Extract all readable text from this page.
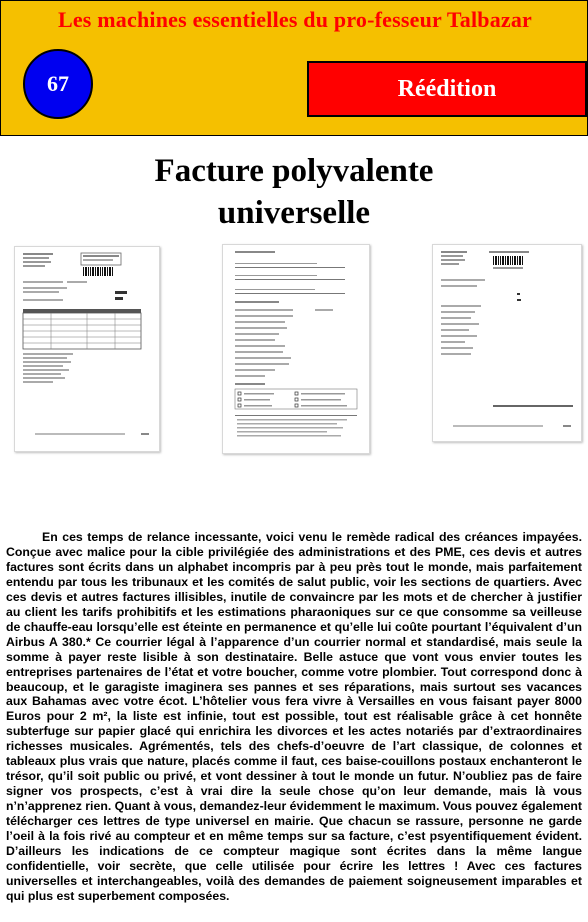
Les machines essentielles du pro-fesseur Talbazar
67	Réédition
Facture polyvalente
universelle

En ces temps de relance incessante, voici venu le remède radical des créances impayées. Conçue avec malice pour la cible privilégiée des administrations et des PME, ces devis et autres factures sont écrits dans un alphabet incompris par à peu près tout le monde, mais parfaitement entendu par tous les tribunaux et les comités de salut public, voir les sections de quartiers. Avec ces devis et autres factures illisibles, inutile de convaincre par les mots et de chercher à justifier au client les tarifs prohibitifs et les estimations pharaoniques sur ce que consomme sa veilleuse de chauffe-eau lorsqu’elle est éteinte en permanence et qu’elle lui coûte pourtant l’équivalent d’un Airbus A 380.* Ce courrier légal à l’apparence d’un courrier normal et standardisé, mais seule la somme à payer reste lisible à son destinataire. Belle astuce que vont vous envier toutes les entreprises partenaires de l’état et votre boucher, comme votre plombier. Tout correspond donc à beaucoup, et le garagiste imaginera ses pannes et ses réparations, mais surtout ses vacances aux Bahamas avec votre écot. L’hôtelier vous fera vivre à Versailles en vous faisant payer 8000 Euros pour 2 m², la liste est infinie, tout est possible, tout est réalisable grâce à cet honnête subterfuge sur papier glacé qui enrichira les divorces et les actes notariés par d’extraordinaires richesses musicales. Agrémentés, tels des chefs-d’oeuvre de l’art classique, de colonnes et tableaux plus vrais que nature, placés comme il faut, ces baise-couillons postaux enchanteront le trésor, qu’il soit public ou privé, et vont dessiner à tout le monde un futur. N’oubliez pas de faire signer vos prospects, c’est à vrai dire la seule chose qu’on leur demande, mais là vous n’n’apprenez rien. Quant à vous, demandez-leur évidemment le maximum. Vous pouvez également télécharger ces lettres de type universel en mairie. Que chacun se rassure, personne ne garde l’oeil à la fois rivé au compteur et en même temps sur sa facture, c’est psyentifiquement évident. D’ailleurs les indications de ce compteur magique sont écrites dans la même langue confidentielle, voir secrète, que celle utilisée pour écrire les lettres ! Avec ces factures universelles et interchangeables, voilà des demandes de paiement soigneusement imparables et qui plus est superbement composées.
